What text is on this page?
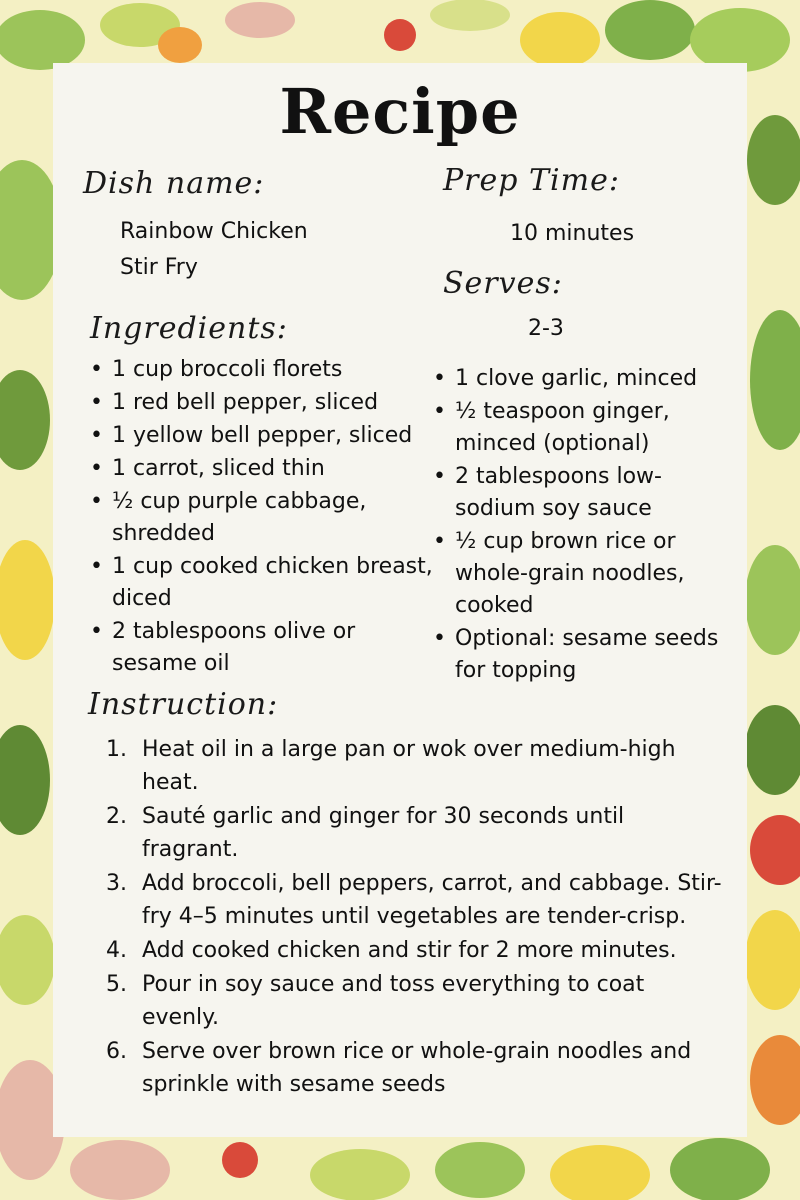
Recipe
Dish name:
Rainbow Chicken
Stir Fry
Prep Time:
10 minutes
Serves:
2-3
Ingredients:
• 1 cup broccoli florets
• 1 red bell pepper, sliced
• 1 yellow bell pepper, sliced
• 1 carrot, sliced thin
• ½ cup purple cabbage, shredded
• 1 cup cooked chicken breast, diced
• 2 tablespoons olive or sesame oil
• 1 clove garlic, minced
• ½ teaspoon ginger, minced (optional)
• 2 tablespoons low-sodium soy sauce
• ½ cup brown rice or whole-grain noodles, cooked
• Optional: sesame seeds for topping
Instruction:
1. Heat oil in a large pan or wok over medium-high heat.
2. Sauté garlic and ginger for 30 seconds until fragrant.
3. Add broccoli, bell peppers, carrot, and cabbage. Stir-fry 4–5 minutes until vegetables are tender-crisp.
4. Add cooked chicken and stir for 2 more minutes.
5. Pour in soy sauce and toss everything to coat evenly.
6. Serve over brown rice or whole-grain noodles and sprinkle with sesame seeds
